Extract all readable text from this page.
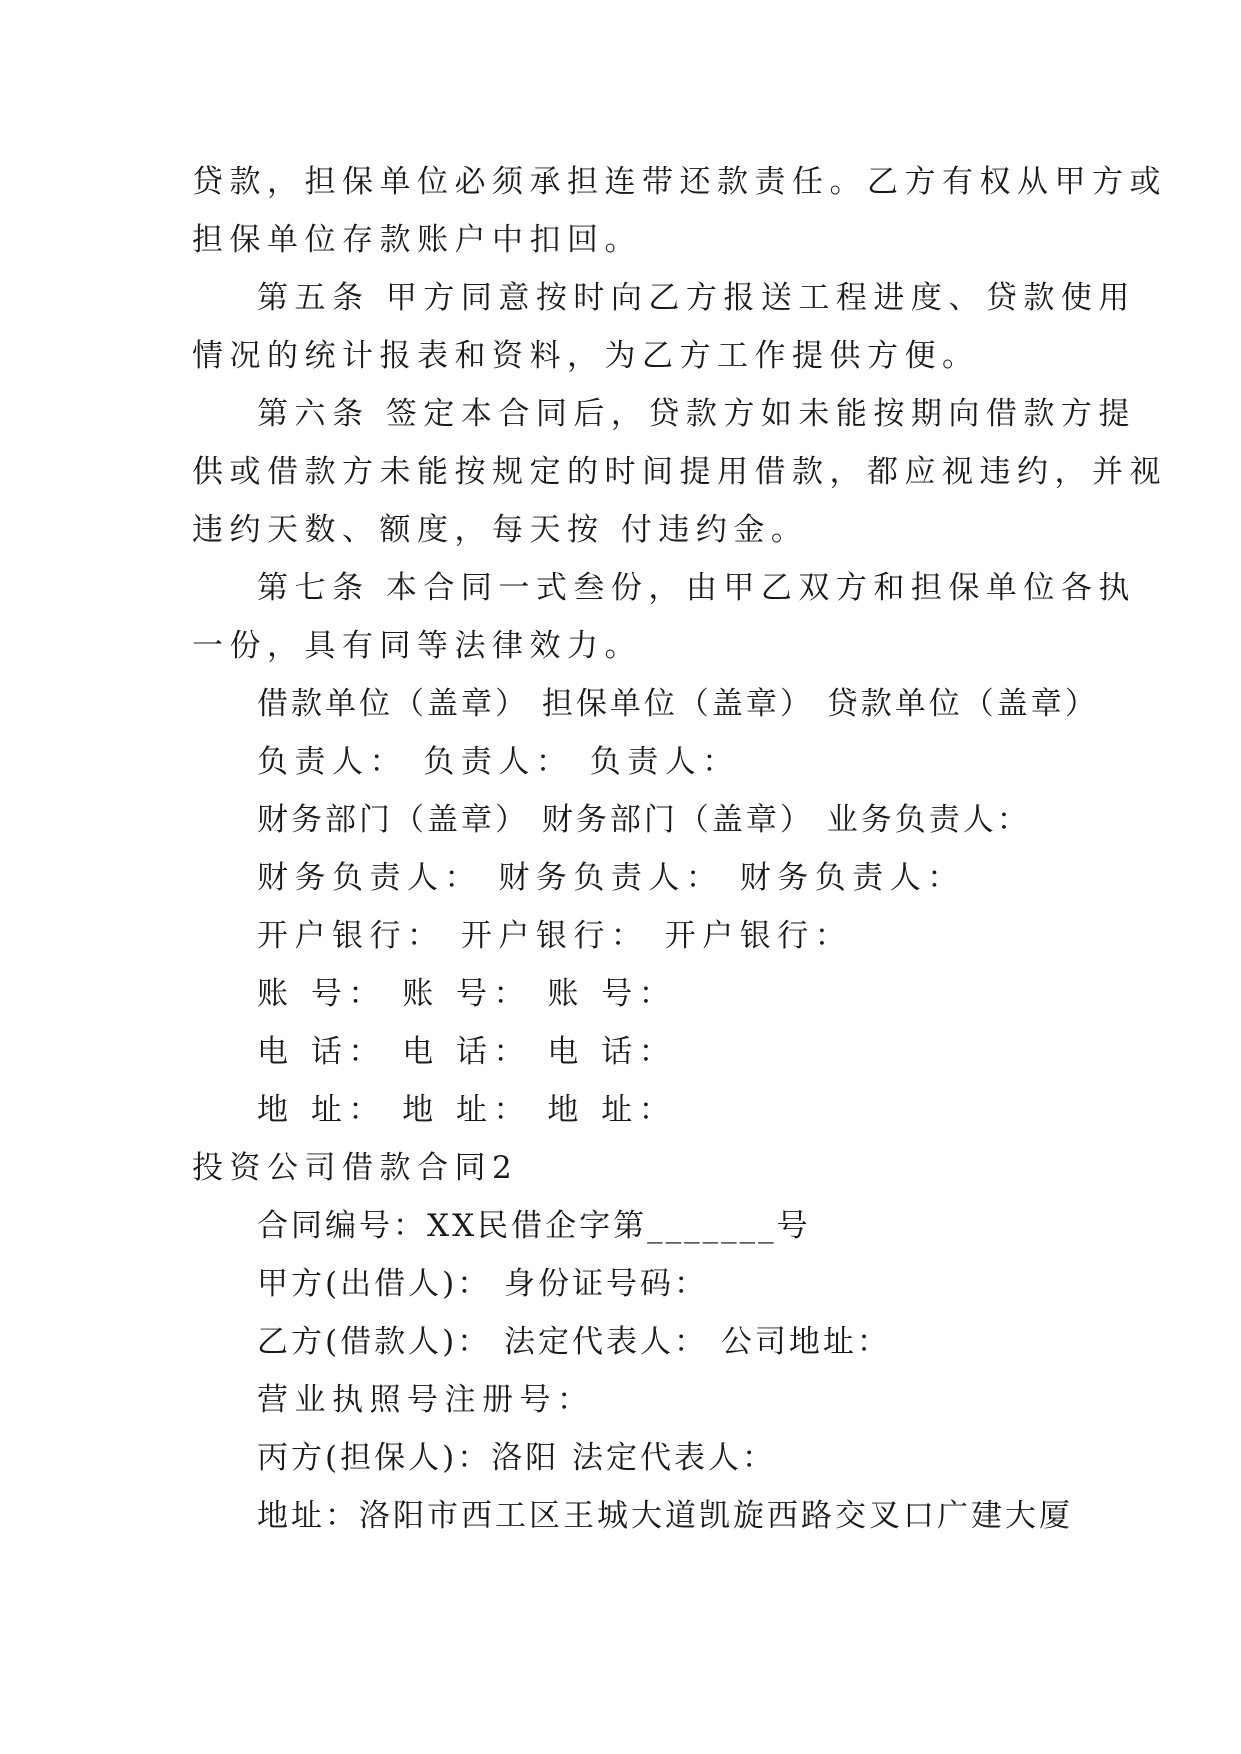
贷款，担保单位必须承担连带还款责任。乙方有权从甲方或
担保单位存款账户中扣回。
第五条 甲方同意按时向乙方报送工程进度、贷款使用
情况的统计报表和资料，为乙方工作提供方便。
第六条 签定本合同后，贷款方如未能按期向借款方提
供或借款方未能按规定的时间提用借款，都应视违约，并视
违约天数、额度，每天按 付违约金。
第七条 本合同一式叁份，由甲乙双方和担保单位各执
一份，具有同等法律效力。
借款单位（盖章） 担保单位（盖章） 贷款单位（盖章）
负责人： 负责人： 负责人：
财务部门（盖章） 财务部门（盖章） 业务负责人：
财务负责人： 财务负责人： 财务负责人：
开户银行： 开户银行： 开户银行：
账 号： 账 号： 账 号：
电 话： 电 话： 电 话：
地 址： 地 址： 地 址：
投资公司借款合同2
合同编号：XX民借企字第_______号
甲方(出借人)： 身份证号码：
乙方(借款人)： 法定代表人： 公司地址：
营业执照号注册号：
丙方(担保人)：洛阳 法定代表人：
地址：洛阳市西工区王城大道凯旋西路交叉口广建大厦
